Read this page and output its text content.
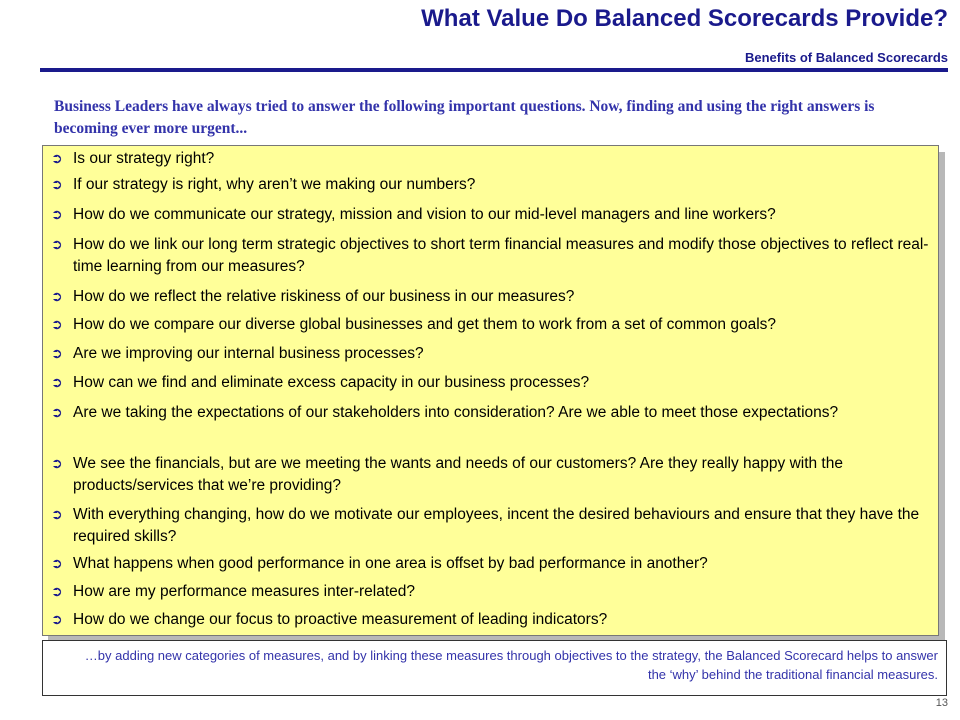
What Value Do Balanced Scorecards Provide?
Benefits of Balanced Scorecards
Business Leaders have always tried to answer the following important questions. Now, finding and using the right answers is becoming ever more urgent...
➲ Is our strategy right?
➲ If our strategy is right, why aren’t we making our numbers?
➲ How do we communicate our strategy, mission and vision to our mid-level managers and line workers?
➲ How do we link our long term strategic objectives to short term financial measures and modify those objectives to reflect real-time learning from our measures?
➲ How do we reflect the relative riskiness of our business in our measures?
➲ How do we compare our diverse global businesses and get them to work from a set of common goals?
➲ Are we improving our internal business processes?
➲ How can we find and eliminate excess capacity in our business processes?
➲ Are we taking the expectations of our stakeholders into consideration? Are we able to meet those expectations?
➲ We see the financials, but are we meeting the wants and needs of our customers? Are they really happy with the products/services that we’re providing?
➲ With everything changing, how do we motivate our employees, incent the desired behaviours and ensure that they have the required skills?
➲ What happens when good performance in one area is offset by bad performance in another?
➲ How are my performance measures inter-related?
➲ How do we change our focus to proactive measurement of leading indicators?
…by adding new categories of measures, and by linking these measures through objectives to the strategy, the Balanced Scorecard helps to answer the ‘why’ behind the traditional financial measures.
13
